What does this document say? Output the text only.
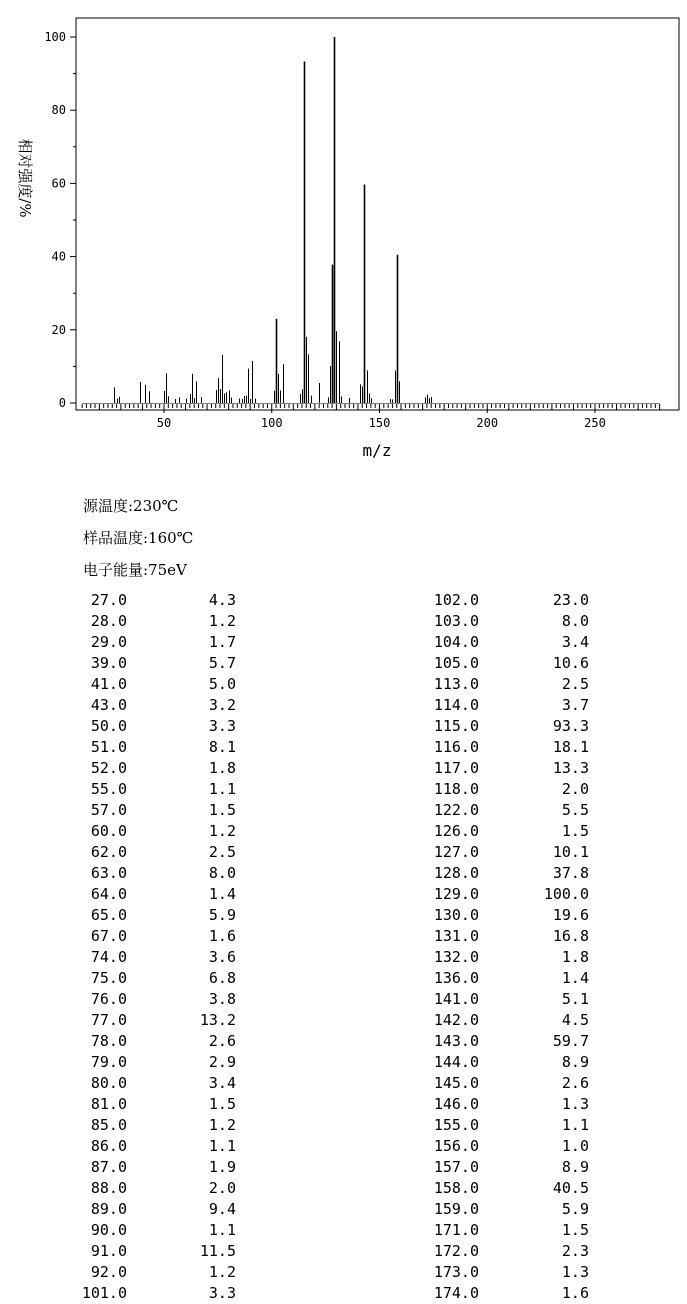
50	100	150	200	250
0
20
40
60
80
100
m/z
相对强度/%
源温度:230℃
样品温度:160℃
电子能量:75eV
27.0	4.3
28.0	1.2
29.0	1.7
39.0	5.7
41.0	5.0
43.0	3.2
50.0	3.3
51.0	8.1
52.0	1.8
55.0	1.1
57.0	1.5
60.0	1.2
62.0	2.5
63.0	8.0
64.0	1.4
65.0	5.9
67.0	1.6
74.0	3.6
75.0	6.8
76.0	3.8
77.0	13.2
78.0	2.6
79.0	2.9
80.0	3.4
81.0	1.5
85.0	1.2
86.0	1.1
87.0	1.9
88.0	2.0
89.0	9.4
90.0	1.1
91.0	11.5
92.0	1.2
101.0	3.3
102.0	23.0
103.0	8.0
104.0	3.4
105.0	10.6
113.0	2.5
114.0	3.7
115.0	93.3
116.0	18.1
117.0	13.3
118.0	2.0
122.0	5.5
126.0	1.5
127.0	10.1
128.0	37.8
129.0	100.0
130.0	19.6
131.0	16.8
132.0	1.8
136.0	1.4
141.0	5.1
142.0	4.5
143.0	59.7
144.0	8.9
145.0	2.6
146.0	1.3
155.0	1.1
156.0	1.0
157.0	8.9
158.0	40.5
159.0	5.9
171.0	1.5
172.0	2.3
173.0	1.3
174.0	1.6
